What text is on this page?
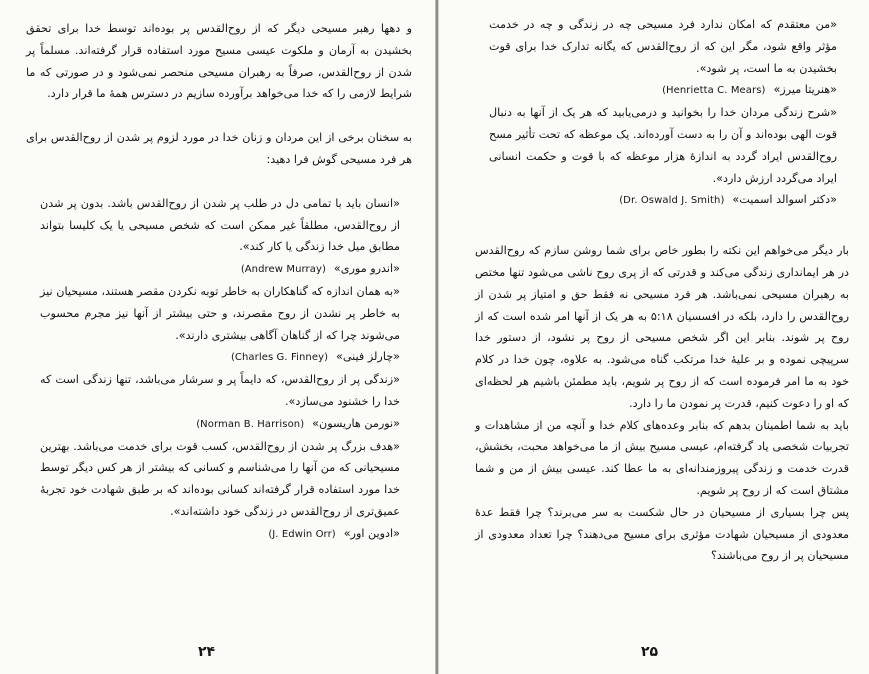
و دهها رهبر مسیحی دیگر که از روح‌القدس پر بوده‌اند توسط خدا برای تحقق بخشیدن به آرمان و ملکوت عیسی مسیح مورد استفاده قرار گرفته‌اند. مسلماً پر شدن از روح‌القدس، صرفاً به رهبران مسیحی منحصر نمی‌شود و در صورتی که ما شرایط لازمی را که خدا می‌خواهد برآورده سازیم در دسترس همهٔ ما قرار دارد.

به سخنان برخی از این مردان و زنان خدا در مورد لزوم پر شدن از روح‌القدس برای هر فرد مسیحی گوش فرا دهید:

«انسان باید با تمامی دل در طلب پر شدن از روح‌القدس باشد. بدون پر شدن از روح‌القدس، مطلقاً غیر ممکن است که شخص مسیحی یا یک کلیسا بتواند مطابق میل خدا زندگی یا کار کند».

«اندرو موری»(Andrew Murray)

«به همان اندازه که گناهکاران به خاطر توبه نکردن مقصر هستند، مسیحیان نیز به خاطر پر نشدن از روح مقصرند، و حتی بیشتر از آنها نیز مجرم محسوب می‌شوند چرا که از گناهان آگاهی بیشتری دارند».

«چارلز فینی»(Charles G. Finney)

«زندگی پر از روح‌القدس، که دایماً پر و سرشار می‌باشد، تنها زندگی است که خدا را خشنود می‌سازد».

«نورمن هاریسون»(Norman B. Harrison)

«هدف بزرگ پر شدن از روح‌القدس، کسب قوت برای خدمت می‌باشد. بهترین مسیحیانی که من آنها را می‌شناسم و کسانی که بیشتر از هر کس دیگر توسط خدا مورد استفاده قرار گرفته‌اند کسانی بوده‌اند که بر طبق شهادت خود تجربهٔ عمیق‌تری از روح‌القدس در زندگی خود داشته‌اند».

«ادوین اور»(J. Edwin Orr)

۲۴

«من معتقدم که امکان ندارد فرد مسیحی چه در زندگی و چه در خدمت مؤثر واقع شود، مگر این که از روح‌القدس که یگانه تدارک خدا برای قوت بخشیدن به ما است، پر شود».

«هنریتا میرز»(Henrietta C. Mears)

«شرح زندگی مردان خدا را بخوانید و درمی‌یابید که هر یک از آنها به دنبال قوت الهی بوده‌اند و آن را به دست آورده‌اند. یک موعظه که تحت تأثیر مسح روح‌القدس ایراد گردد به اندازهٔ هزار موعظه که با قوت و حکمت انسانی ایراد می‌گردد ارزش دارد».

«دکتر اسوالد اسمیت»(Dr. Oswald J. Smith)

بار دیگر می‌خواهم این نکته را بطور خاص برای شما روشن سازم که روح‌القدس در هر ایمانداری زندگی می‌کند و قدرتی که از پری روح ناشی می‌شود تنها مختص به رهبران مسیحی نمی‌باشد. هر فرد مسیحی نه فقط حق و امتیاز پر شدن از روح‌القدس را دارد، بلکه در افسسیان ۵:۱۸ به هر یک از آنها امر شده است که از روح پر شوند. بنابر این اگر شخص مسیحی از روح پر نشود، از دستور خدا سرپیچی نموده و بر علیهٔ خدا مرتکب گناه می‌شود. به علاوه، چون خدا در کلام خود به ما امر فرموده است که از روح پر شویم، باید مطمئن باشیم هر لحظه‌ای که او را دعوت کنیم، قدرت پر نمودن ما را دارد.

باید به شما اطمینان بدهم که بنابر وعده‌های کلام خدا و آنچه من از مشاهدات و تجربیات شخصی یاد گرفته‌ام، عیسی مسیح بیش از ما می‌خواهد محبت، بخشش، قدرت خدمت و زندگی پیروزمندانه‌ای به ما عطا کند. عیسی بیش از من و شما مشتاق است که از روح پر شویم.

پس چرا بسیاری از مسیحیان در حال شکست به سر می‌برند؟ چرا فقط عدهٔ معدودی از مسیحیان شهادت مؤثری برای مسیح می‌دهند؟ چرا تعداد معدودی از مسیحیان پر از روح می‌باشند؟

۲۵
